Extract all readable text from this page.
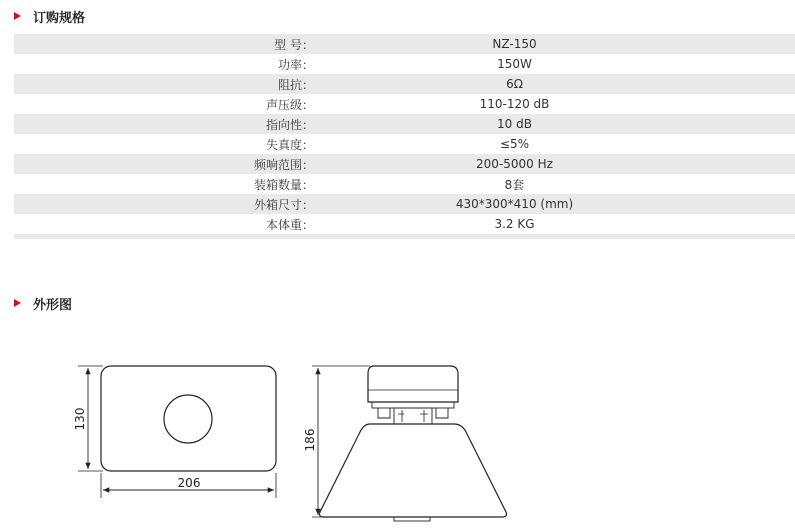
订购规格
型 号：	NZ-150
功率：	150W
阻抗：	6Ω
声压级：	110-120 dB
指向性：	10 dB
失真度：	≤5%
频响范围：	200-5000 Hz
装箱数量：	8套
外箱尺寸：	430*300*410 (mm)
本体重：	3.2 KG
外形图
130
206
186
